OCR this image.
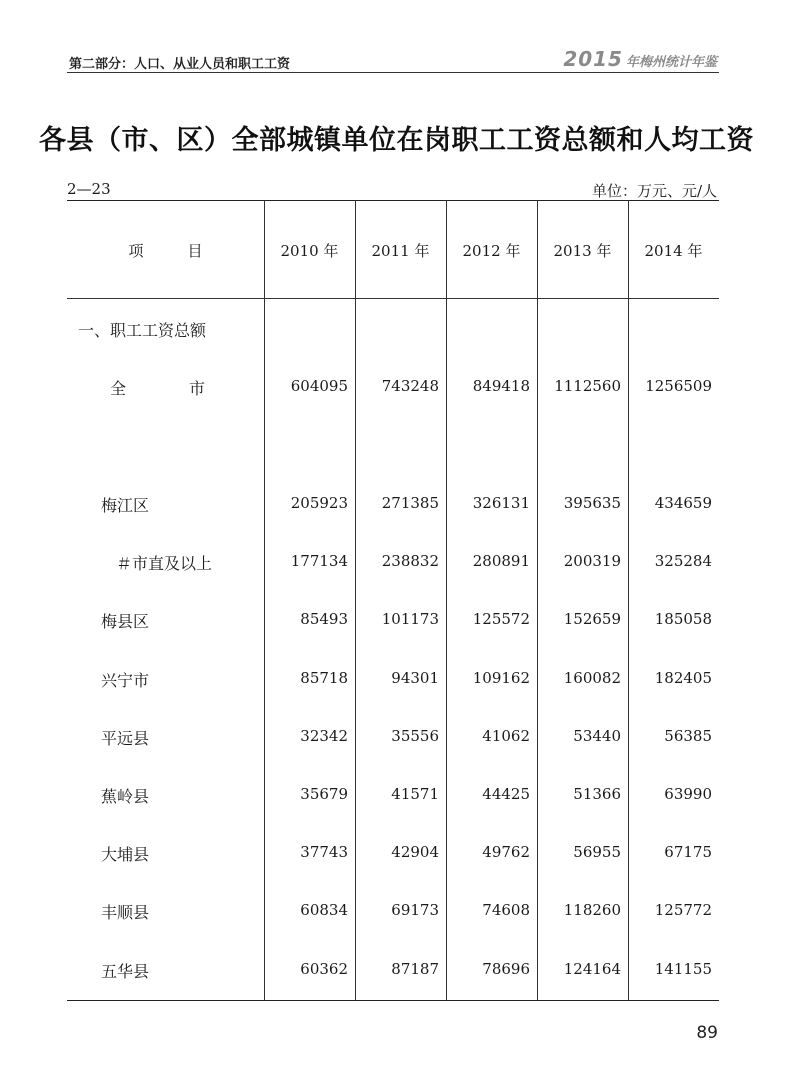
第二部分：人口、从业人员和职工工资	2015 年梅州统计年鉴
各县（市、区）全部城镇单位在岗职工工资总额和人均工资
2—23	单位：万元、元/人
项	目	2010 年	2011 年	2012 年	2013 年	2014 年
一、职工工资总额
全	市	604095	743248	849418	1112560	1256509
梅江区	205923	271385	326131	395635	434659
＃市直及以上	177134	238832	280891	200319	325284
梅县区	85493	101173	125572	152659	185058
兴宁市	85718	94301	109162	160082	182405
平远县	32342	35556	41062	53440	56385
蕉岭县	35679	41571	44425	51366	63990
大埔县	37743	42904	49762	56955	67175
丰顺县	60834	69173	74608	118260	125772
五华县	60362	87187	78696	124164	141155
89
